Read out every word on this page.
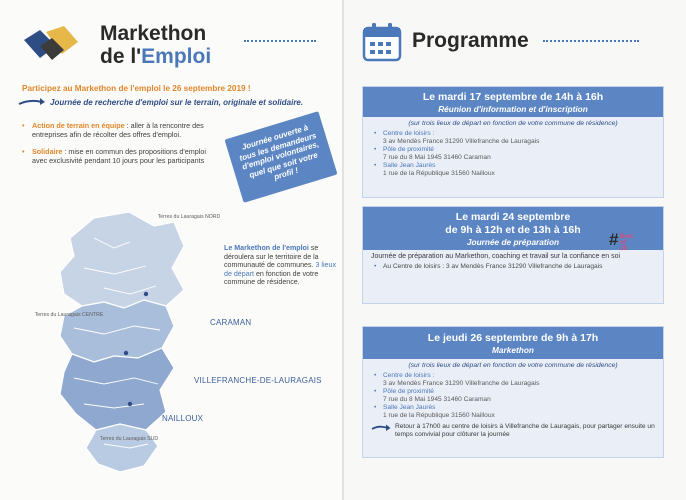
Markethon
de l'Emploi
Participez au Markethon de l'emploi le 26 septembre 2019 !
Journée de recherche d'emploi sur le terrain, originale et solidaire.
• Action de terrain en équipe : aller à la rencontre des entreprises afin de récolter des offres d'emploi.
• Solidaire : mise en commun des propositions d'emploi avec exclusivité pendant 10 jours pour les participants
Journée ouverte à tous les demandeurs d'emploi volontaires, quel que soit votre profil !
Terres du Lauragais NORD
Terres du Lauragais CENTRE
Terres du Lauragais SUD
CARAMAN
VILLEFRANCHE-DE-LAURAGAIS
NAILLOUX
Le Markethon de l'emploi se déroulera sur le territoire de la communauté de communes. 3 lieux de départ en fonction de votre commune de résidence.
Programme
Le mardi 17 septembre de 14h à 16h
Réunion d'information et d'inscription
(sur trois lieux de départ en fonction de votre commune de résidence)
• Centre de loisirs :
3 av Mendès France 31290 Villefranche de Lauragais
• Pôle de proximité
7 rue du 8 Mai 1945 31460 Caraman
• Salle Jean Jaurès
1 rue de la République 31560 Nailloux
Le mardi 24 septembre
de 9h à 12h et de 13h à 16h
Journée de préparation
Journée de préparation au Markethon, coaching et travail sur la confiance en soi
• Au Centre de loisirs : 3 av Mendès France 31290 Villefranche de Lauragais
# Best
of
JS
Le jeudi 26 septembre de 9h à 17h
Markethon
(sur trois lieux de départ en fonction de votre commune de résidence)
• Centre de loisirs :
3 av Mendès France 31290 Villefranche de Lauragais
• Pôle de proximité
7 rue du 8 Mai 1945 31460 Caraman
• Salle Jean Jaurès
1 rue de la République 31560 Nailloux
Retour à 17h00 au centre de loisirs à Villefranche de Lauragais, pour partager ensuite un temps convivial pour clôturer la journée
